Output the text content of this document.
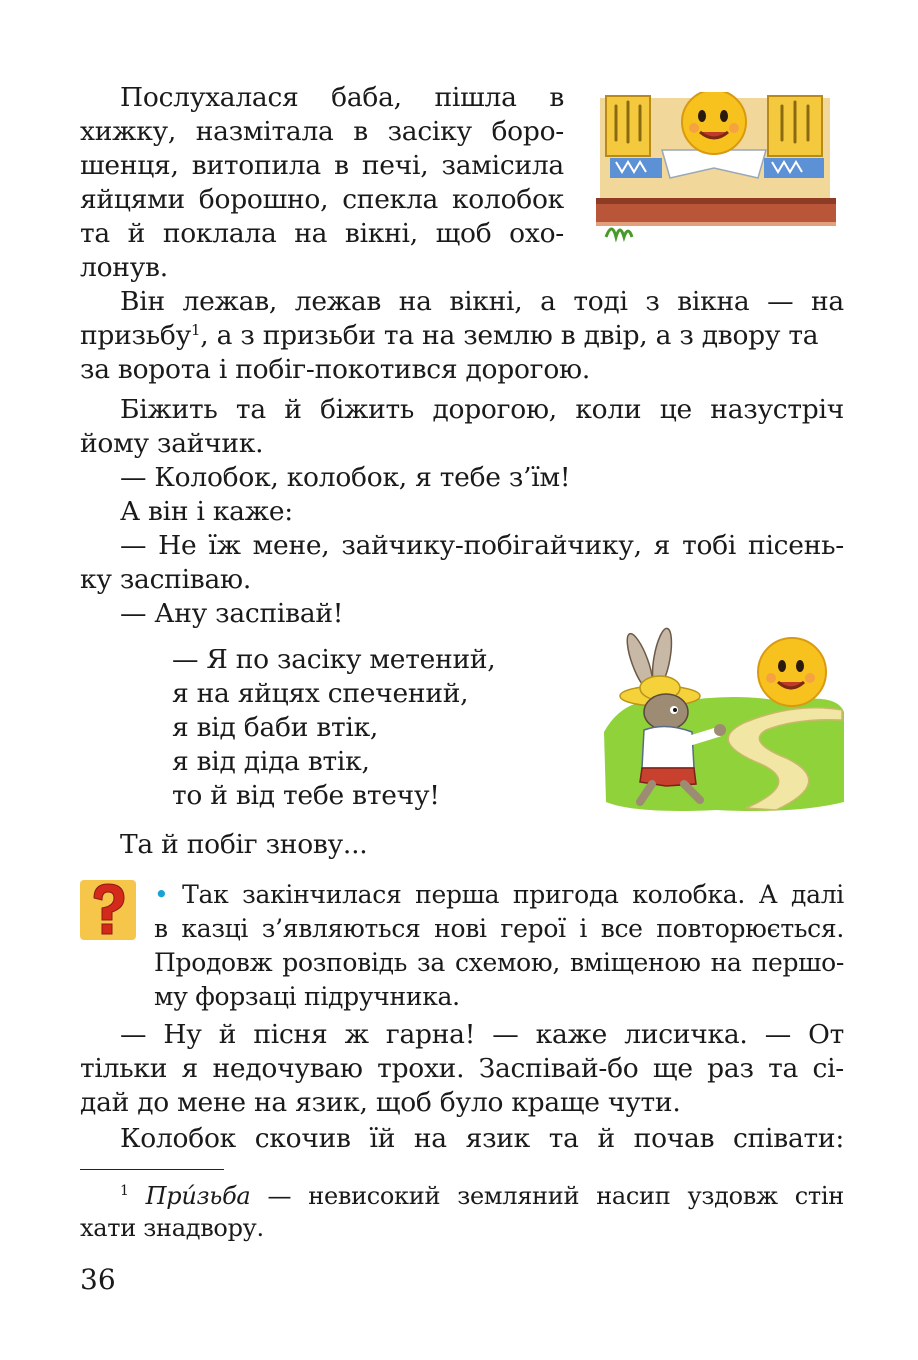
Послухалася баба, пішла в
хижку, назмітала в засіку боро-
шенця, витопила в печі, замісила
яйцями борошно, спекла колобок
та й поклала на вікні, щоб охо-
лонув.
Він лежав, лежав на вікні, а тоді з вікна — на
призьбу$^1$, а з призьби та на землю в двір, а з двору та
за ворота і побіг-покотився дорогою.
Біжить та й біжить дорогою, коли це назустріч
йому зайчик.
— Колобок, колобок, я тебе з’їм!
А він і каже:
— Не їж мене, зайчику-побігайчику, я тобі пісень-
ку заспіваю.
— Ану заспівай!
— Я по засіку метений,
я на яйцях спечений,
я від баби втік,
я від діда втік,
то й від тебе втечу!
Та й побіг знову...
• Так закінчилася перша пригода колобка. А далі
в казці з’являються нові герої і все повторюється.
Продовж розповідь за схемою, вміщеною на першо-
му форзаці підручника.
— Ну й пісня ж гарна! — каже лисичка. — От
тільки я недочуваю трохи. Заспівай-бо ще раз та сі-
дай до мене на язик, щоб було краще чути.
Колобок скочив їй на язик та й почав співати:
$^1$ При́зьба — невисокий земляний насип уздовж стін
хати знадвору.
36
